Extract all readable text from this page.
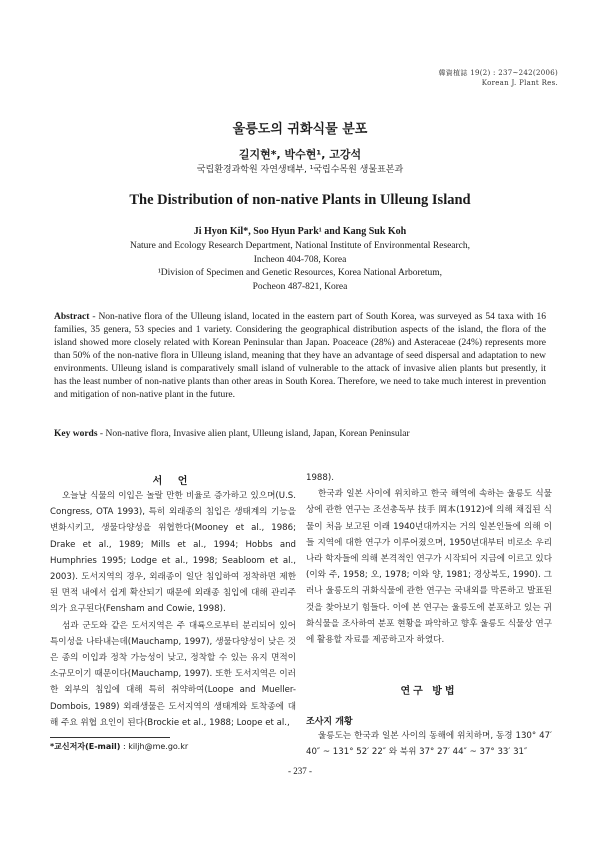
韓資植誌 19(2) : 237~242(2006)
Korean J. Plant Res.
울릉도의 귀화식물 분포
길지현*, 박수현¹, 고강석
국립환경과학원 자연생태부, ¹국립수목원 생물표본과
The Distribution of non-native Plants in Ulleung Island
Ji Hyon Kil*, Soo Hyun Park¹ and Kang Suk Koh
Nature and Ecology Research Department, National Institute of Environmental Research,
Incheon 404-708, Korea
¹Division of Specimen and Genetic Resources, Korea National Arboretum,
Pocheon 487-821, Korea
Abstract - Non-native flora of the Ulleung island, located in the eastern part of South Korea, was surveyed as 54 taxa with 16 families, 35 genera, 53 species and 1 variety. Considering the geographical distribution aspects of the island, the flora of the island showed more closely related with Korean Peninsular than Japan. Poaceace (28%) and Asteraceae (24%) represents more than 50% of the non-native flora in Ulleung island, meaning that they have an advantage of seed dispersal and adaptation to new environments. Ulleung island is comparatively small island of vulnerable to the attack of invasive alien plants but presently, it has the least number of non-native plants than other areas in South Korea. Therefore, we need to take much interest in prevention and mitigation of non-native plant in the future.
Key words - Non-native flora, Invasive alien plant, Ulleung island, Japan, Korean Peninsular
서 언

오늘날 식물의 이입은 놀랄 만한 비율로 증가하고 있으며(U.S. Congress, OTA 1993), 특히 외래종의 침입은 생태계의 기능을 변화시키고, 생물다양성을 위협한다(Mooney et al., 1986; Drake et al., 1989; Mills et al., 1994; Hobbs and Humphries 1995; Lodge et al., 1998; Seabloom et al., 2003). 도서지역의 경우, 외래종이 일단 침입하여 정착하면 제한된 면적 내에서 쉽게 확산되기 때문에 외래종 침입에 대해 관리주의가 요구된다(Fensham and Cowie, 1998).

섬과 군도와 같은 도서지역은 주 대륙으로부터 분리되어 있어 특이성을 나타내는데(Mauchamp, 1997), 생물다양성이 낮은 것은 종의 이입과 정착 가능성이 낮고, 정착할 수 있는 유지 면적이 소규모이기 때문이다(Mauchamp, 1997). 또한 도서지역은 이러한 외부의 침입에 대해 특히 취약하여(Loope and Mueller-Dombois, 1989) 외래생물은 도서지역의 생태계와 토착종에 대해 주요 위협 요인이 된다(Brockie et al., 1988; Loope et al.,

1988).

한국과 일본 사이에 위치하고 한국 해역에 속하는 울릉도 식물상에 관한 연구는 조선총독부 技手 岡本(1912)에 의해 채집된 식물이 처음 보고된 이래 1940년대까지는 거의 일본인들에 의해 이들 지역에 대한 연구가 이루어졌으며, 1950년대부터 비로소 우리나라 학자들에 의해 본격적인 연구가 시작되어 지금에 이르고 있다(이와 주, 1958; 오, 1978; 이와 양, 1981; 경상북도, 1990). 그러나 울릉도의 귀화식물에 관한 연구는 국내외를 막론하고 발표된 것을 찾아보기 힘들다. 이에 본 연구는 울릉도에 분포하고 있는 귀화식물을 조사하여 분포 현황을 파악하고 향후 울릉도 식물상 연구에 활용할 자료를 제공하고자 하였다.

연구 방법
조사지 개황

울릉도는 한국과 일본 사이의 동해에 위치하며, 동경 130° 47′ 40″ ~ 131° 52′ 22″ 와 북위 37° 27′ 44″ ~ 37° 33′ 31″

*교신저자(E-mail) : kiljh@me.go.kr
- 237 -
